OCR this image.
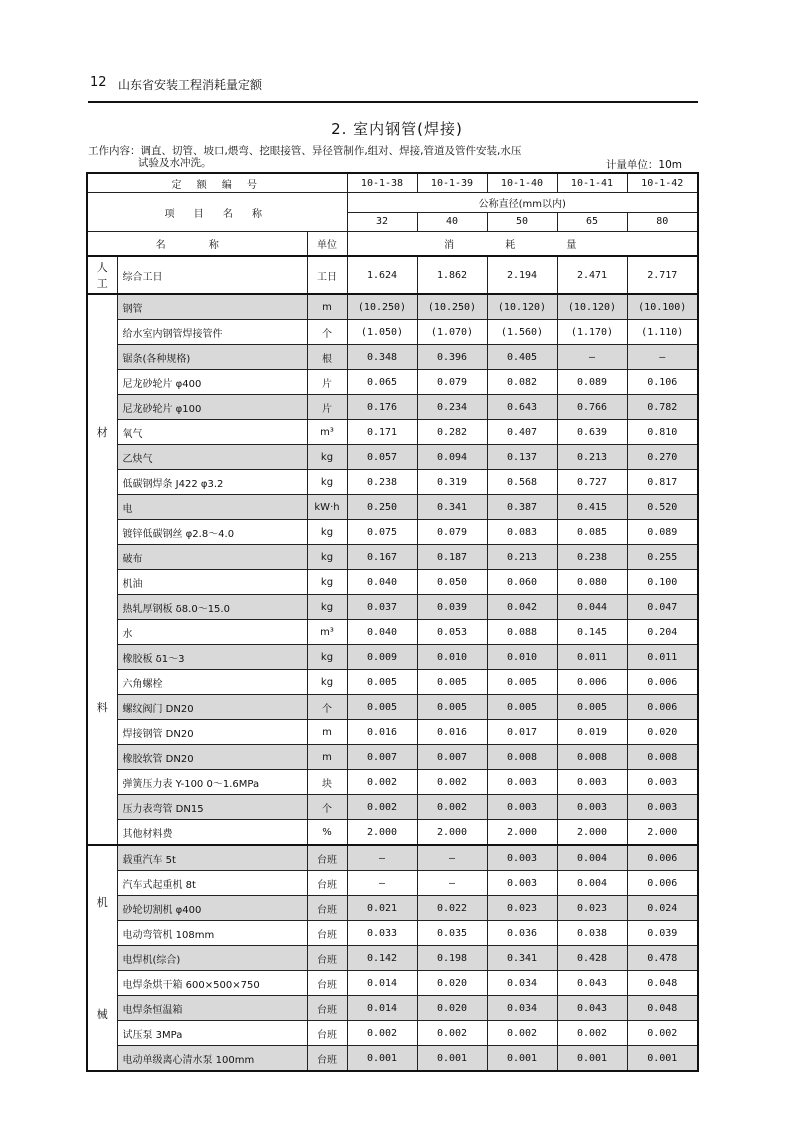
12 山东省安装工程消耗量定额
2. 室内钢管(焊接)
工作内容：调直、切管、坡口,煨弯、挖眼接管、异径管制作,组对、焊接,管道及管件安装,水压
试验及水冲洗。	计量单位：10m
定 额 编 号			10-1-38	10-1-39	10-1-40	10-1-41	10-1-42
项 目 名 称			公称直径(mm以内)				
			32	40	50	65	80
名 称		单位	消 耗 量				

人
工	综合工日	工日	1.624	1.862	2.194	2.471	2.717

材
料	钢管	m	(10.250)	(10.250)	(10.120)	(10.120)	(10.100)
	给水室内钢管焊接管件	个	(1.050)	(1.070)	(1.560)	(1.170)	(1.110)
	锯条(各种规格)	根	0.348	0.396	0.405	—	—
	尼龙砂轮片 φ400	片	0.065	0.079	0.082	0.089	0.106
	尼龙砂轮片 φ100	片	0.176	0.234	0.643	0.766	0.782
	氧气	m³	0.171	0.282	0.407	0.639	0.810
	乙炔气	kg	0.057	0.094	0.137	0.213	0.270
	低碳钢焊条 J422 φ3.2	kg	0.238	0.319	0.568	0.727	0.817
	电	kW·h	0.250	0.341	0.387	0.415	0.520
	镀锌低碳钢丝 φ2.8～4.0	kg	0.075	0.079	0.083	0.085	0.089
	破布	kg	0.167	0.187	0.213	0.238	0.255
	机油	kg	0.040	0.050	0.060	0.080	0.100
	热轧厚钢板 δ8.0～15.0	kg	0.037	0.039	0.042	0.044	0.047
	水	m³	0.040	0.053	0.088	0.145	0.204
	橡胶板 δ1～3	kg	0.009	0.010	0.010	0.011	0.011
	六角螺栓	kg	0.005	0.005	0.005	0.006	0.006
	螺纹阀门 DN20	个	0.005	0.005	0.005	0.005	0.006
	焊接钢管 DN20	m	0.016	0.016	0.017	0.019	0.020
	橡胶软管 DN20	m	0.007	0.007	0.008	0.008	0.008
	弹簧压力表 Y-100 0～1.6MPa	块	0.002	0.002	0.003	0.003	0.003
	压力表弯管 DN15	个	0.002	0.002	0.003	0.003	0.003
	其他材料费	%	2.000	2.000	2.000	2.000	2.000

机
械	载重汽车 5t	台班	—	—	0.003	0.004	0.006
	汽车式起重机 8t	台班	—	—	0.003	0.004	0.006
	砂轮切割机 φ400	台班	0.021	0.022	0.023	0.023	0.024
	电动弯管机 108mm	台班	0.033	0.035	0.036	0.038	0.039
	电焊机(综合)	台班	0.142	0.198	0.341	0.428	0.478
	电焊条烘干箱 600×500×750	台班	0.014	0.020	0.034	0.043	0.048
	电焊条恒温箱	台班	0.014	0.020	0.034	0.043	0.048
	试压泵 3MPa	台班	0.002	0.002	0.002	0.002	0.002
	电动单级离心清水泵 100mm	台班	0.001	0.001	0.001	0.001	0.001
